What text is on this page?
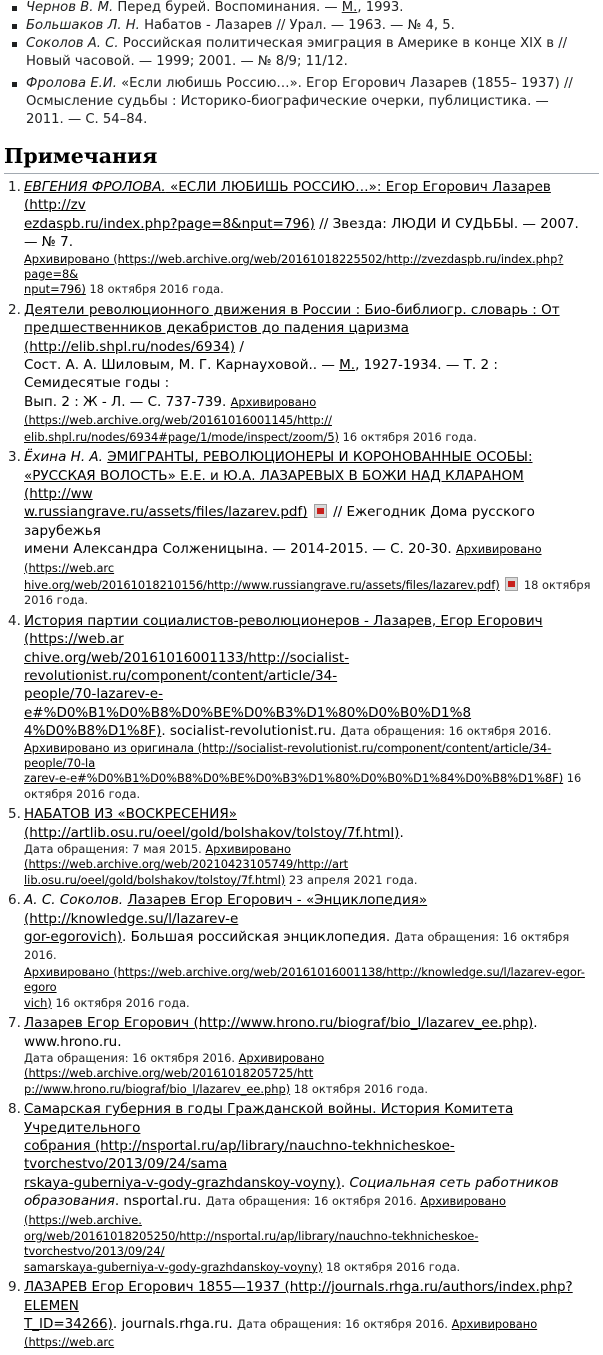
Чернов В. М. Перед бурей. Воспоминания. — М., 1993.
Большаков Л. Н. Набатов - Лазарев // Урал. — 1963. — № 4, 5.
Соколов А. С. Российская политическая эмиграция в Америке в конце XIX в // Новый часовой. — 1999; 2001. — № 8/9; 11/12.
Фролова Е.И. «Если любишь Россию…». Егор Егорович Лазарев (1855– 1937) // Осмысление судьбы : Историко-биографические очерки, публицистика. — 2011. — С. 54–84.
Примечания
1. ЕВГЕНИЯ ФРОЛОВА. «ЕСЛИ ЛЮБИШЬ РОССИЮ…»: Егор Егорович Лазарев (http://zv
ezdaspb.ru/index.php?page=8&nput=796) // Звезда: ЛЮДИ И СУДЬБЫ. — 2007. — № 7.
Архивировано (https://web.archive.org/web/20161018225502/http://zvezdaspb.ru/index.php?page=8&
nput=796) 18 октября 2016 года.
2. Деятели революционного движения в России : Био-библиогр. словарь : От
предшественников декабристов до падения царизма (http://elib.shpl.ru/nodes/6934) /
Сост. А. А. Шиловым, М. Г. Карнауховой.. — М., 1927-1934. — Т. 2 : Семидесятые годы :
Вып. 2 : Ж - Л. — С. 737-739. Архивировано (https://web.archive.org/web/20161016001145/http://
elib.shpl.ru/nodes/6934#page/1/mode/inspect/zoom/5) 16 октября 2016 года.
3. Ёхина Н. А. ЭМИГРАНТЫ, РЕВОЛЮЦИОНЕРЫ И КОРОНОВАННЫЕ ОСОБЫ:
«РУССКАЯ ВОЛОСТЬ» Е.Е. и Ю.А. ЛАЗАРЕВЫХ В БОЖИ НАД КЛАРАНОМ (http://ww
w.russiangrave.ru/assets/files/lazarev.pdf)  // Ежегодник Дома русского зарубежья
имени Александра Солженицына. — 2014-2015. — С. 20-30. Архивировано (https://web.arc
hive.org/web/20161018210156/http://www.russiangrave.ru/assets/files/lazarev.pdf)  18 октября
2016 года.
4. История партии социалистов-революционеров - Лазарев, Егор Егорович (https://web.ar
chive.org/web/20161016001133/http://socialist-revolutionist.ru/component/content/article/34-
people/70-lazarev-e-e#%D0%B1%D0%B8%D0%BE%D0%B3%D1%80%D0%B0%D1%8
4%D0%B8%D1%8F). socialist-revolutionist.ru. Дата обращения: 16 октября 2016.
Архивировано из оригинала (http://socialist-revolutionist.ru/component/content/article/34-people/70-la
zarev-e-e#%D0%B1%D0%B8%D0%BE%D0%B3%D1%80%D0%B0%D1%84%D0%B8%D1%8F) 16
октября 2016 года.
5. НАБАТОВ ИЗ «ВОСКРЕСЕНИЯ» (http://artlib.osu.ru/oeel/gold/bolshakov/tolstoy/7f.html).
Дата обращения: 7 мая 2015. Архивировано (https://web.archive.org/web/20210423105749/http://art
lib.osu.ru/oeel/gold/bolshakov/tolstoy/7f.html) 23 апреля 2021 года.
6. А. С. Соколов. Лазарев Егор Егорович - «Энциклопедия» (http://knowledge.su/l/lazarev-e
gor-egorovich). Большая российская энциклопедия. Дата обращения: 16 октября 2016.
Архивировано (https://web.archive.org/web/20161016001138/http://knowledge.su/l/lazarev-egor-egoro
vich) 16 октября 2016 года.
7. Лазарев Егор Егорович (http://www.hrono.ru/biograf/bio_l/lazarev_ee.php). www.hrono.ru.
Дата обращения: 16 октября 2016. Архивировано (https://web.archive.org/web/20161018205725/htt
p://www.hrono.ru/biograf/bio_l/lazarev_ee.php) 18 октября 2016 года.
8. Самарская губерния в годы Гражданской войны. История Комитета Учредительного
собрания (http://nsportal.ru/ap/library/nauchno-tekhnicheskoe-tvorchestvo/2013/09/24/sama
rskaya-guberniya-v-gody-grazhdanskoy-voyny). Социальная сеть работников
образования. nsportal.ru. Дата обращения: 16 октября 2016. Архивировано (https://web.archive.
org/web/20161018205250/http://nsportal.ru/ap/library/nauchno-tekhnicheskoe-tvorchestvo/2013/09/24/
samarskaya-guberniya-v-gody-grazhdanskoy-voyny) 18 октября 2016 года.
9. ЛАЗАРЕВ Егор Егорович 1855—1937 (http://journals.rhga.ru/authors/index.php?ELEMEN
T_ID=34266). journals.rhga.ru. Дата обращения: 16 октября 2016. Архивировано (https://web.arc
